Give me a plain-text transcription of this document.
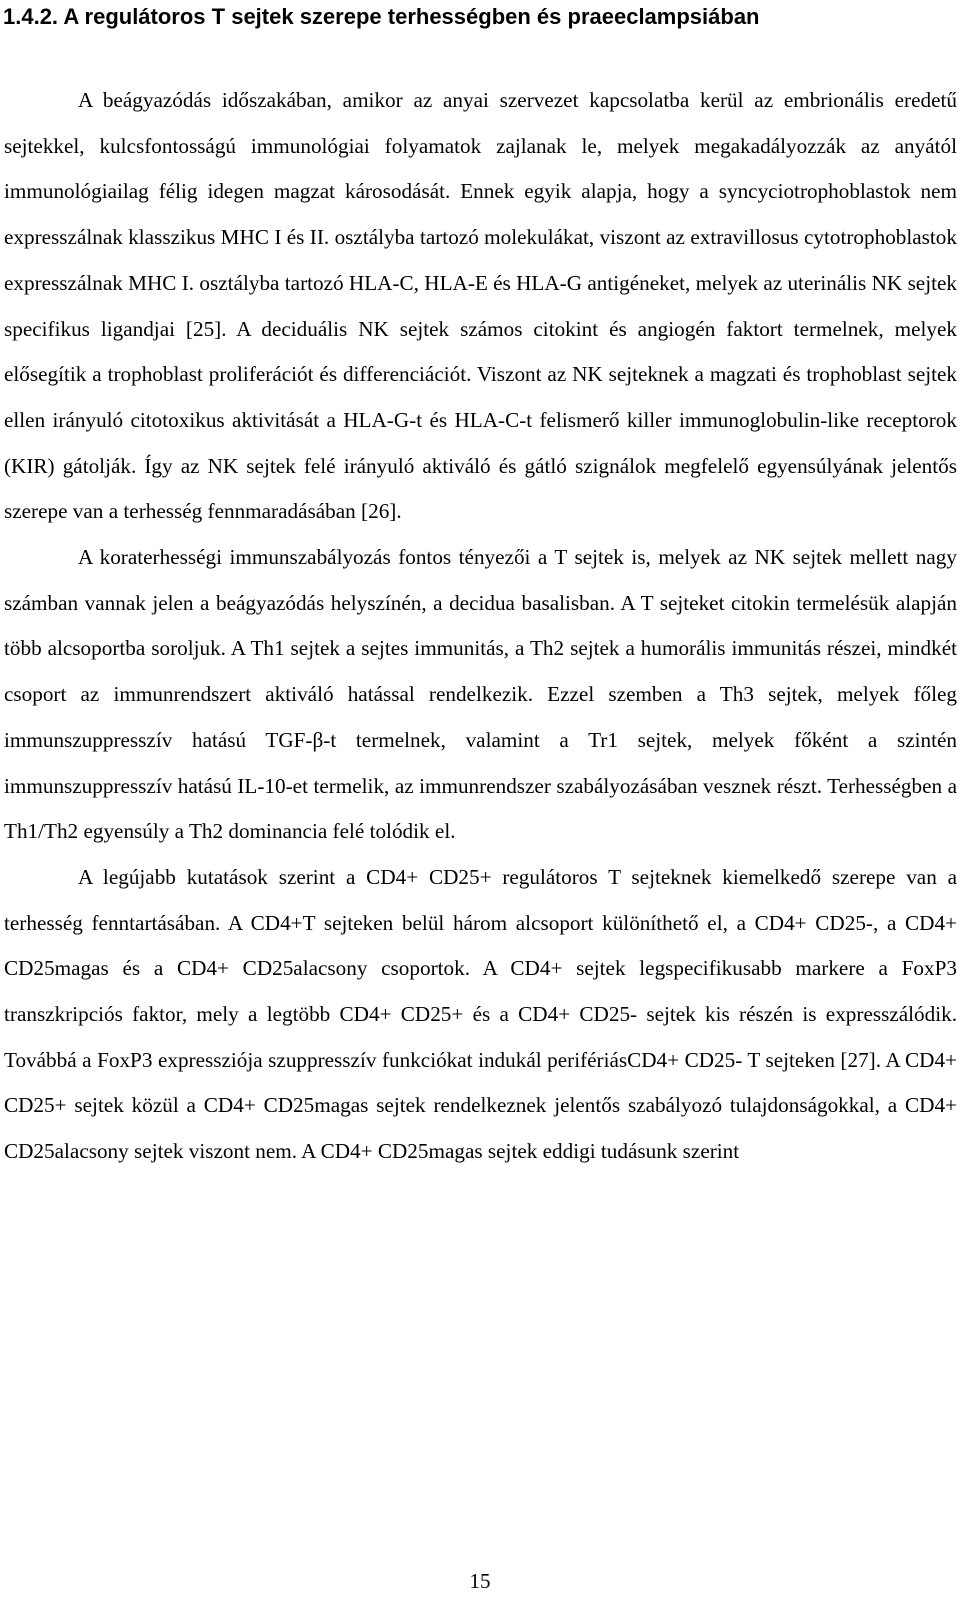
1.4.2. A regulátoros T sejtek szerepe terhességben és praeeclampsiában

A beágyazódás időszakában, amikor az anyai szervezet kapcsolatba kerül az embrionális eredetű sejtekkel, kulcsfontosságú immunológiai folyamatok zajlanak le, melyek megakadályozzák az anyától immunológiailag félig idegen magzat károsodását. Ennek egyik alapja, hogy a syncyciotrophoblastok nem expresszálnak klasszikus MHC I és II. osztályba tartozó molekulákat, viszont az extravillosus cytotrophoblastok expresszálnak MHC I. osztályba tartozó HLA-C, HLA-E és HLA-G antigéneket, melyek az uterinális NK sejtek specifikus ligandjai [25]. A deciduális NK sejtek számos citokint és angiogén faktort termelnek, melyek elősegítik a trophoblast proliferációt és differenciációt. Viszont az NK sejteknek a magzati és trophoblast sejtek ellen irányuló citotoxikus aktivitását a HLA-G-t és HLA-C-t felismerő killer immunoglobulin-like receptorok (KIR) gátolják. Így az NK sejtek felé irányuló aktiváló és gátló szignálok megfelelő egyensúlyának jelentős szerepe van a terhesség fennmaradásában [26].

A koraterhességi immunszabályozás fontos tényezői a T sejtek is, melyek az NK sejtek mellett nagy számban vannak jelen a beágyazódás helyszínén, a decidua basalisban. A T sejteket citokin termelésük alapján több alcsoportba soroljuk. A Th1 sejtek a sejtes immunitás, a Th2 sejtek a humorális immunitás részei, mindkét csoport az immunrendszert aktiváló hatással rendelkezik. Ezzel szemben a Th3 sejtek, melyek főleg immunszuppresszív hatású TGF-β-t termelnek, valamint a Tr1 sejtek, melyek főként a szintén immunszuppresszív hatású IL-10-et termelik, az immunrendszer szabályozásában vesznek részt. Terhességben a Th1/Th2 egyensúly a Th2 dominancia felé tolódik el.

A legújabb kutatások szerint a CD4+ CD25+ regulátoros T sejteknek kiemelkedő szerepe van a terhesség fenntartásában. A CD4+T sejteken belül három alcsoport különíthető el, a CD4+ CD25-, a CD4+ CD25magas és a CD4+ CD25alacsony csoportok. A CD4+ sejtek legspecifikusabb markere a FoxP3 transzkripciós faktor, mely a legtöbb CD4+ CD25+ és a CD4+ CD25- sejtek kis részén is expresszálódik. Továbbá a FoxP3 expressziója szuppresszív funkciókat indukál perifériásCD4+ CD25- T sejteken [27]. A CD4+ CD25+ sejtek közül a CD4+ CD25magas sejtek rendelkeznek jelentős szabályozó tulajdonságokkal, a CD4+ CD25alacsony sejtek viszont nem. A CD4+ CD25magas sejtek eddigi tudásunk szerint

15
